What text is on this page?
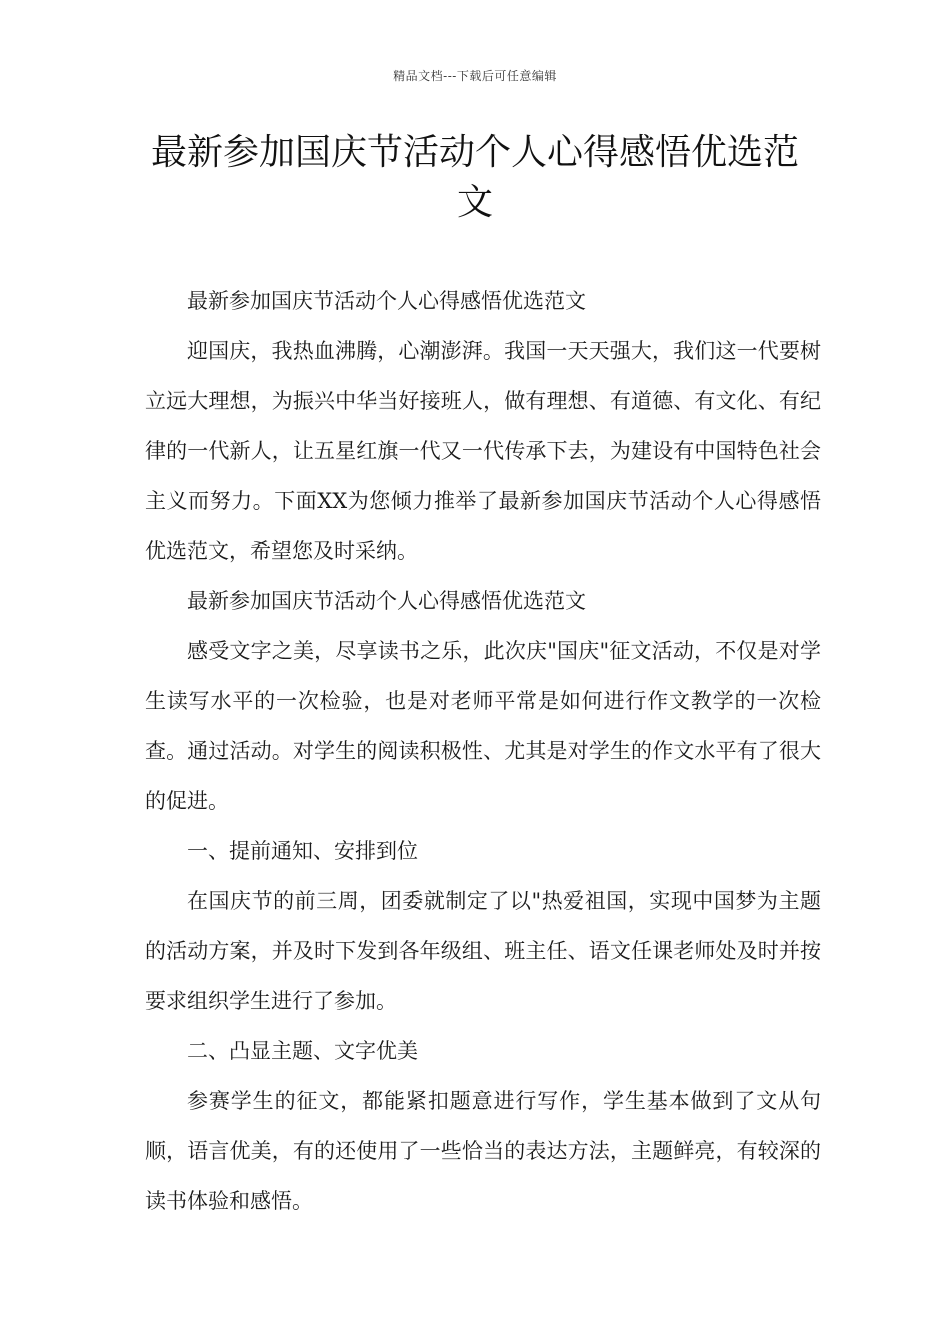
精品文档---下载后可任意编辑
最新参加国庆节活动个人心得感悟优选范文

最新参加国庆节活动个人心得感悟优选范文

迎国庆，我热血沸腾，心潮澎湃。我国一天天强大，我们这一代要树立远大理想，为振兴中华当好接班人，做有理想、有道德、有文化、有纪律的一代新人，让五星红旗一代又一代传承下去，为建设有中国特色社会主义而努力。下面XX为您倾力推举了最新参加国庆节活动个人心得感悟优选范文，希望您及时采纳。

最新参加国庆节活动个人心得感悟优选范文

感受文字之美，尽享读书之乐，此次庆"国庆"征文活动，不仅是对学生读写水平的一次检验，也是对老师平常是如何进行作文教学的一次检查。通过活动。对学生的阅读积极性、尤其是对学生的作文水平有了很大的促进。

一、提前通知、安排到位

在国庆节的前三周，团委就制定了以"热爱祖国，实现中国梦为主题的活动方案，并及时下发到各年级组、班主任、语文任课老师处及时并按要求组织学生进行了参加。

二、凸显主题、文字优美

参赛学生的征文，都能紧扣题意进行写作，学生基本做到了文从句顺，语言优美，有的还使用了一些恰当的表达方法，主题鲜亮，有较深的读书体验和感悟。
